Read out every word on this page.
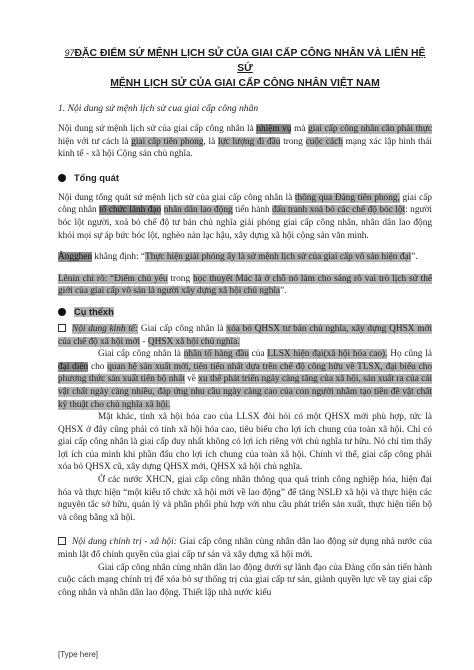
97ĐẶC ĐIỂM SỨ MỆNH LỊCH SỬ CỦA GIAI CẤP CÔNG NHÂN VÀ LIÊN HỆ SỨ
MỆNH LỊCH SỬ CỦA GIAI CẤP CÔNG NHÂN VIỆT NAM
1. Nội dung sứ mệnh lịch sử cua giai cấp công nhân

Nội dung sứ mệnh lịch sử của giai cấp công nhân là nhiệm vụ mà giai cấp công nhân cần phải thực hiện với tư cách là giai cấp tiên phong, là lực lượng đi đầu trong cuộc cách mạng xác lập hình thái kinh tế - xã hội Cộng sản chủ nghĩa.

Tổng quát

Nội dung tổng quát sứ mệnh lịch sử của giai cấp công nhân là thông qua Đảng tiên phong, giai cấp công nhân tổ chức lãnh đạo nhân dân lao động tiến hành đấu tranh xoá bỏ các chế độ bóc lột: người bóc lột người, xoá bỏ chế độ tư bản chủ nghĩa giải phóng giai cấp công nhân, nhân dân lao động khỏi mọi sự áp bức bóc lột, nghèo nàn lạc hậu, xây dựng xã hội cộng sản văn minh.

Ăngghen khẳng định: “Thực hiện giải phóng ấy là sứ mệnh lịch sử của giai cấp vô sản hiện đại”.

Lênin chỉ rõ: “Điểm chủ yếu trong học thuyết Mác là ở chỗ nó làm cho sáng rõ vai trò lịch sử thế giới của giai cấp vô sản là người xây dựng xã hội chủ nghĩa”.

Cụ thểxh

Nội dung kinh tế: Giai cấp công nhân là xóa bỏ QHSX tư bản chủ nghĩa, xây dựng QHSX mới của chế độ xã hội mới - QHSX xã hội chủ nghĩa.

Giai cấp công nhân là nhân tố hàng đầu của LLSX hiện đại(xã hội hóa cao). Họ cũng là đại diện cho quan hệ sản xuất mới, tiên tiến nhất dựa trên chế độ công hữu về TLSX, đại biểu cho phương thức sản xuất tiến bộ nhất về xu thế phát triển ngày càng tăng của xã hội, sản xuất ra của cải vật chất ngày càng nhiều, đáp ứng nhu cầu ngày càng cao của con người nhằm tạo tiền đề vật chất kỹ thuật cho chủ nghĩa xã hội.

Mặt khác, tính xã hội hóa cao của LLSX đòi hỏi có một QHSX mới phù hợp, tức là QHSX ở đây cũng phải có tính xã hội hóa cao, tiêu biểu cho lợi ích chung của toàn xã hội. Chỉ có giai cấp công nhân là giai cấp duy nhất không có lợi ích riêng với chủ nghĩa tư hữu. Nó chỉ tìm thấy lợi ích của mình khi phần đấu cho lợi ích chung của toàn xã hội. Chính vì thế, giai cấp công phải xóa bỏ QHSX cũ, xây dựng QHSX mới, QHSX xã hội chủ nghĩa.

Ở các nước XHCN, giai cấp công nhân thông qua quá trình công nghiệp hóa, hiện đại hóa và thực hiện “một kiểu tổ chức xã hội mới về lao động” để tăng NSLĐ xã hội và thực hiện các nguyên tắc sở hữu, quản lý và phân phối phù hợp với nhu cầu phát triển sản xuất, thực hiện tiến bộ và công bằng xã hội.

Nội dung chính trị - xã hội: Giai cấp công nhân cùng nhân dân lao động sử dụng nhà nước của mình lật đổ chính quyền của giai cấp tư sản và xây dựng xã hội mới.

Giai cấp công nhân cùng nhân dân lao động dưới sự lãnh đạo của Đảng cổn sản tiến hành cuộc cách mạng chính trị để xóa bỏ sự thống trị của giai cấp tư sản, giành quyền lực về tay giai cấp công nhân và nhân dân lao động. Thiết lập nhà nước kiểu

[Type here]
